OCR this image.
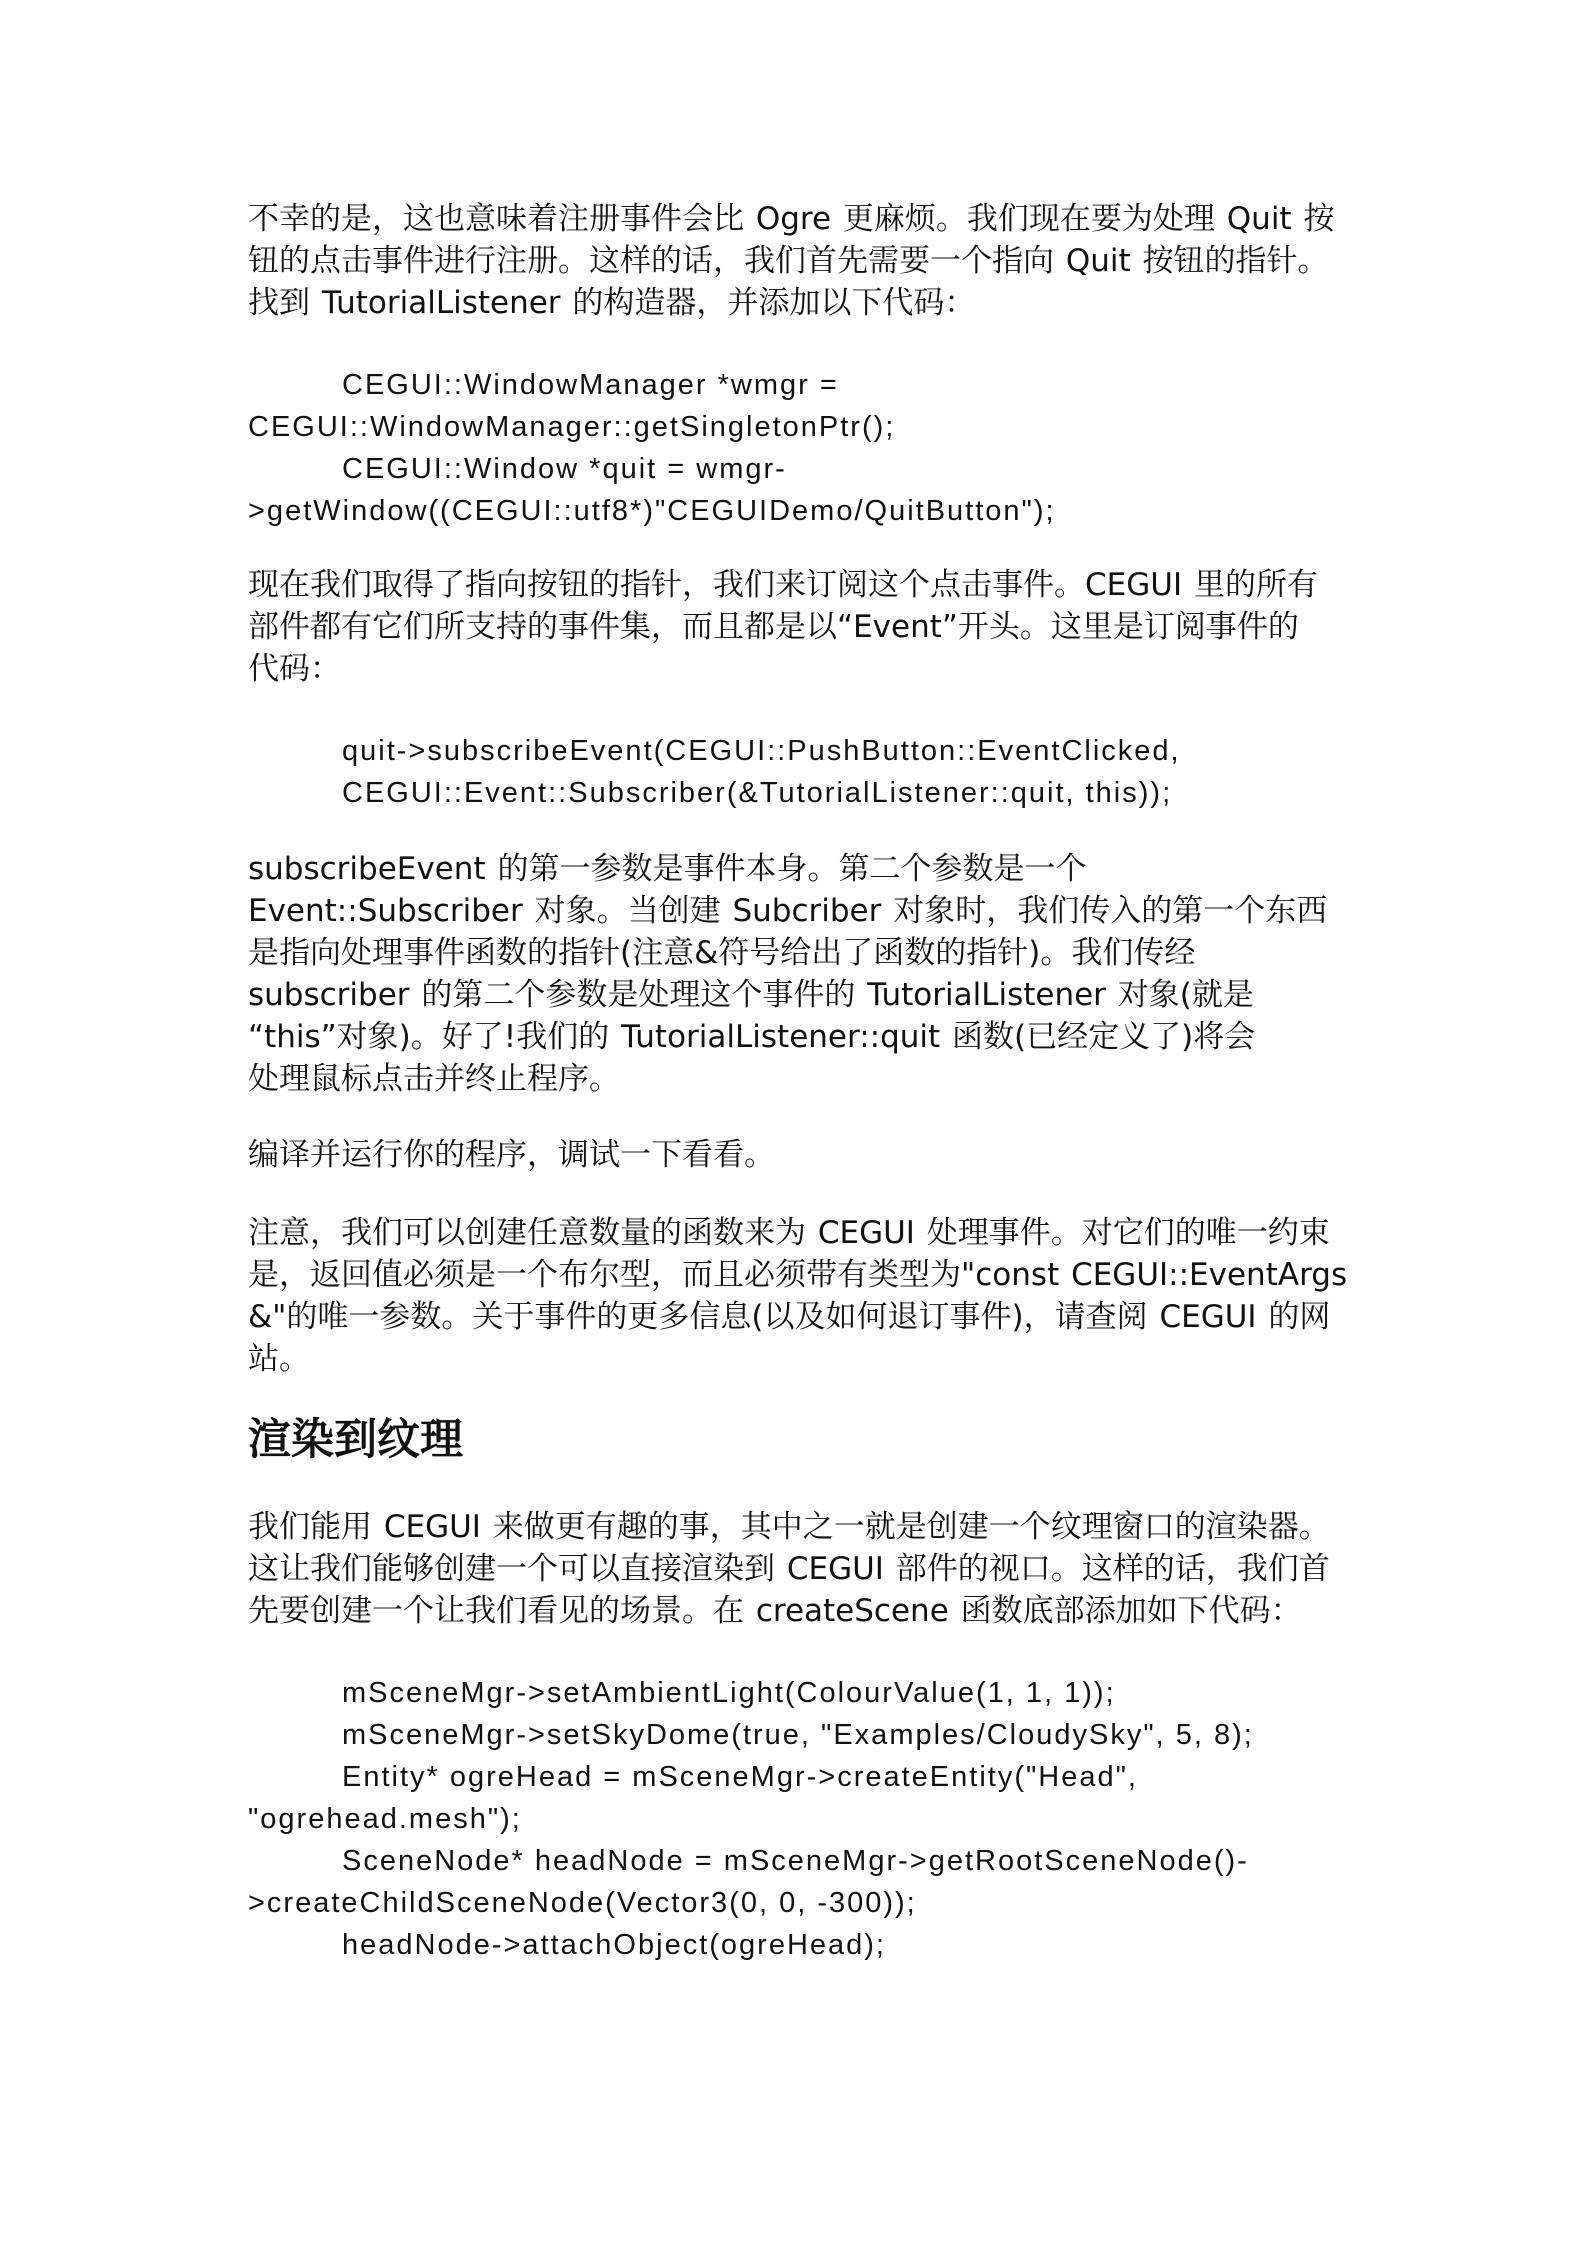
不幸的是，这也意味着注册事件会比 Ogre 更麻烦。我们现在要为处理 Quit 按
钮的点击事件进行注册。这样的话，我们首先需要一个指向 Quit 按钮的指针。
找到 TutorialListener 的构造器，并添加以下代码：

CEGUI::WindowManager *wmgr =
CEGUI::WindowManager::getSingletonPtr();
CEGUI::Window *quit = wmgr-
>getWindow((CEGUI::utf8*)"CEGUIDemo/QuitButton");

现在我们取得了指向按钮的指针，我们来订阅这个点击事件。CEGUI 里的所有
部件都有它们所支持的事件集，而且都是以“Event”开头。这里是订阅事件的
代码：

quit->subscribeEvent(CEGUI::PushButton::EventClicked,
CEGUI::Event::Subscriber(&TutorialListener::quit, this));

subscribeEvent 的第一参数是事件本身。第二个参数是一个
Event::Subscriber 对象。当创建 Subcriber 对象时，我们传入的第一个东西
是指向处理事件函数的指针(注意&符号给出了函数的指针)。我们传经
subscriber 的第二个参数是处理这个事件的 TutorialListener 对象(就是
“this”对象)。好了!我们的 TutorialListener::quit 函数(已经定义了)将会
处理鼠标点击并终止程序。

编译并运行你的程序，调试一下看看。

注意，我们可以创建任意数量的函数来为 CEGUI 处理事件。对它们的唯一约束
是，返回值必须是一个布尔型，而且必须带有类型为"const CEGUI::EventArgs
&"的唯一参数。关于事件的更多信息(以及如何退订事件)，请查阅 CEGUI 的网
站。

渲染到纹理

我们能用 CEGUI 来做更有趣的事，其中之一就是创建一个纹理窗口的渲染器。
这让我们能够创建一个可以直接渲染到 CEGUI 部件的视口。这样的话，我们首
先要创建一个让我们看见的场景。在 createScene 函数底部添加如下代码：

mSceneMgr->setAmbientLight(ColourValue(1, 1, 1));
mSceneMgr->setSkyDome(true, "Examples/CloudySky", 5, 8);
Entity* ogreHead = mSceneMgr->createEntity("Head",
"ogrehead.mesh");
SceneNode* headNode = mSceneMgr->getRootSceneNode()-
>createChildSceneNode(Vector3(0, 0, -300));
headNode->attachObject(ogreHead);
